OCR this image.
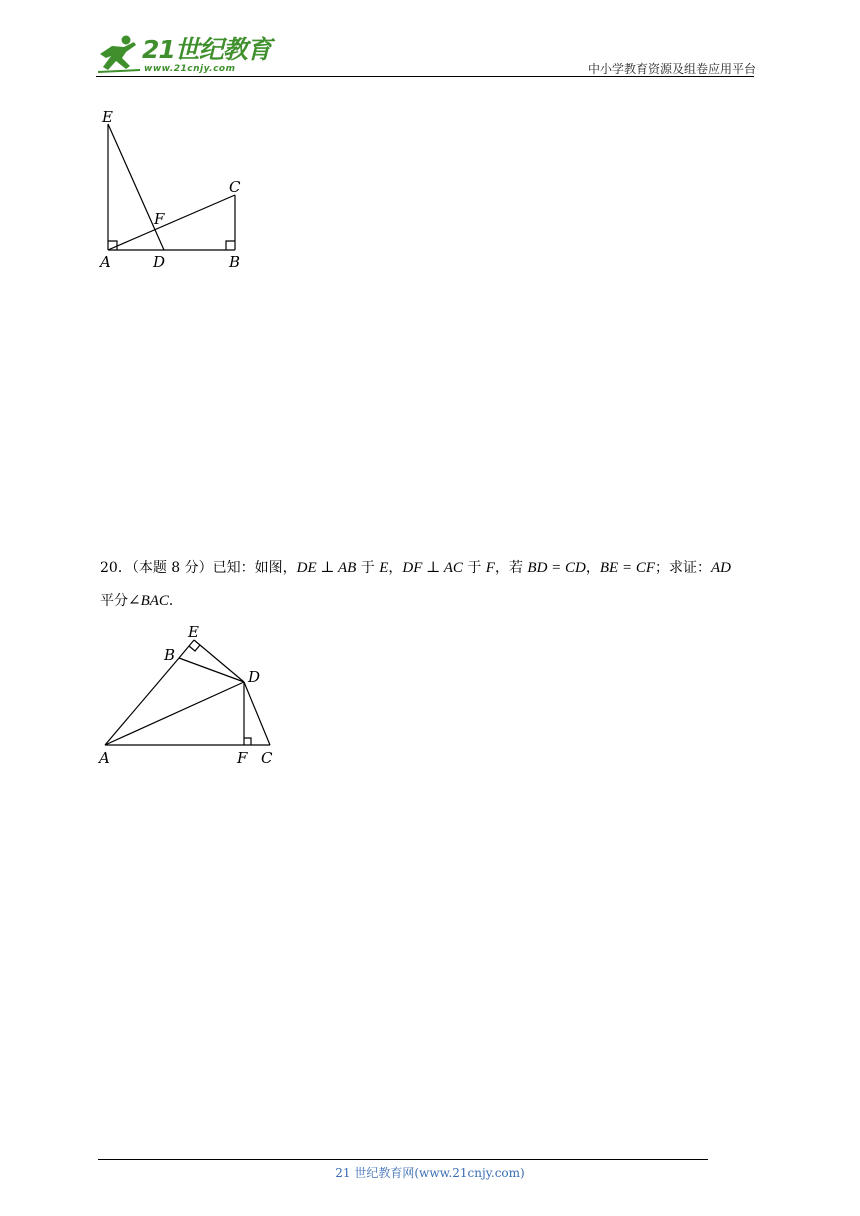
21世纪教育
www.21cnjy.com	中小学教育资源及组卷应用平台
E
C
F
A	D	B
20．（本题 8 分）已知：如图，DE ⊥ AB 于 E，DF ⊥ AC 于 F，若 BD = CD，BE = CF；求证：AD
平分∠BAC．
E
B
D
A	F C
21 世纪教育网(www.21cnjy.com)
